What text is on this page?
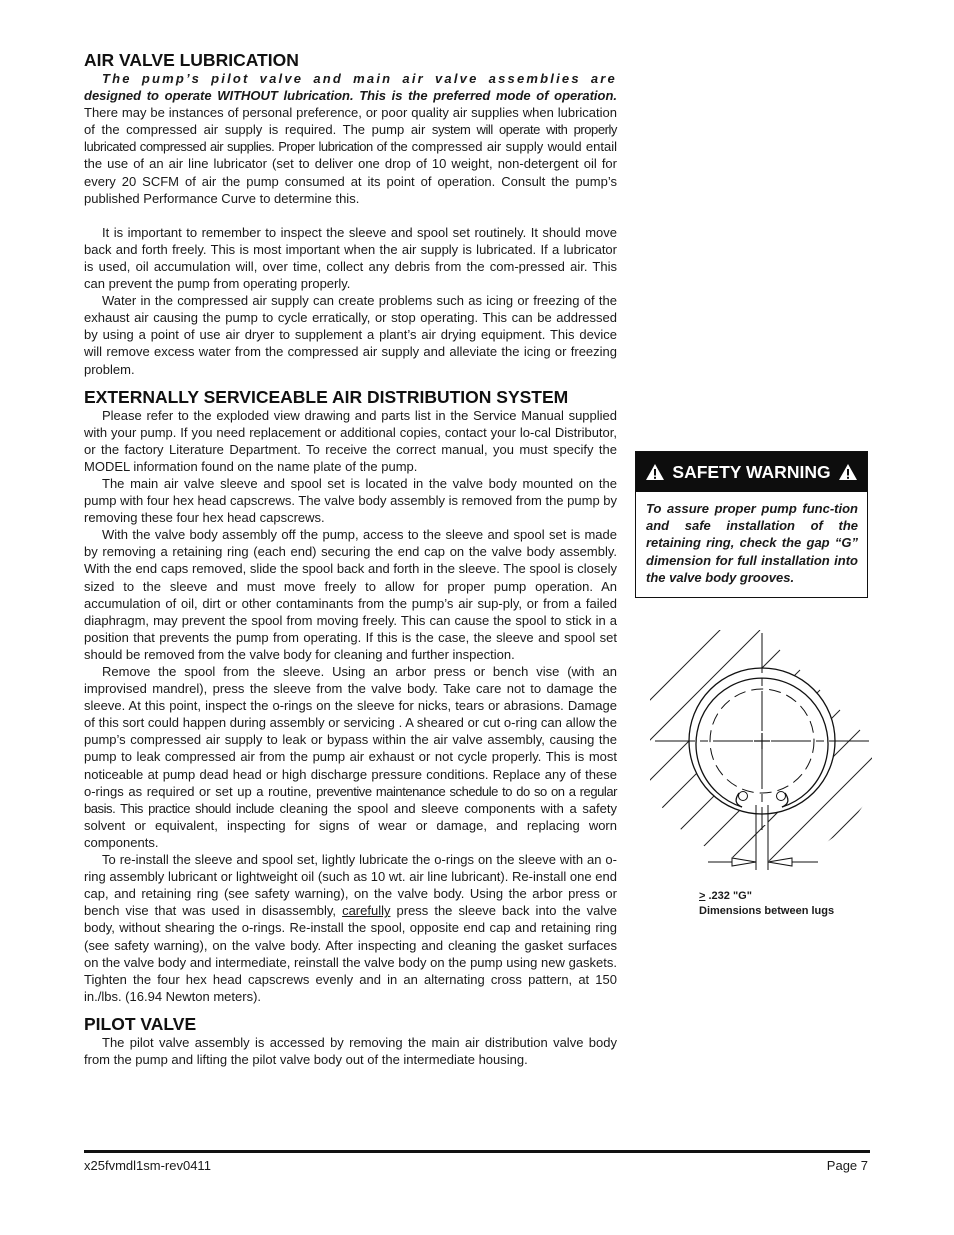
AIR VALVE LUBRICATION

The pump’s pilot valve and main air valve assemblies are designed to operate WITHOUT lubrication. This is the preferred mode of operation. There may be instances of personal preference, or poor quality air supplies when lubrication of the compressed air supply is required. The pump air system will operate with properly lubricated compressed air supplies. Proper lubrication of the compressed air supply would entail the use of an air line lubricator (set to deliver one drop of 10 weight, non-detergent oil for every 20 SCFM of air the pump consumed at its point of operation. Consult the pump’s published Performance Curve to determine this.

It is important to remember to inspect the sleeve and spool set routinely. It should move back and forth freely. This is most important when the air supply is lubricated. If a lubricator is used, oil accumulation will, over time, collect any debris from the com-pressed air. This can prevent the pump from operating properly.

Water in the compressed air supply can create problems such as icing or freezing of the exhaust air causing the pump to cycle erratically, or stop operating. This can be addressed by using a point of use air dryer to supplement a plant’s air drying equipment. This device will remove excess water from the compressed air supply and alleviate the icing or freezing problem.

EXTERNALLY SERVICEABLE AIR DISTRIBUTION SYSTEM

Please refer to the exploded view drawing and parts list in the Service Manual supplied with your pump. If you need replacement or additional copies, contact your lo-cal Distributor, or the factory Literature Department. To receive the correct manual, you must specify the MODEL information found on the name plate of the pump.

The main air valve sleeve and spool set is located in the valve body mounted on the pump with four hex head capscrews. The valve body assembly is removed from the pump by removing these four hex head capscrews.

With the valve body assembly off the pump, access to the sleeve and spool set is made by removing a retaining ring (each end) securing the end cap on the valve body assembly. With the end caps removed, slide the spool back and forth in the sleeve. The spool is closely sized to the sleeve and must move freely to allow for proper pump operation. An accumulation of oil, dirt or other contaminants from the pump’s air sup-ply, or from a failed diaphragm, may prevent the spool from moving freely. This can cause the spool to stick in a position that prevents the pump from operating. If this is the case, the sleeve and spool set should be removed from the valve body for cleaning and further inspection.

Remove the spool from the sleeve. Using an arbor press or bench vise (with an improvised mandrel), press the sleeve from the valve body. Take care not to damage the sleeve. At this point, inspect the o-rings on the sleeve for nicks, tears or abrasions. Damage of this sort could happen during assembly or servicing . A sheared or cut o-ring can allow the pump’s compressed air supply to leak or bypass within the air valve assembly, causing the pump to leak compressed air from the pump air exhaust or not cycle properly. This is most noticeable at pump dead head or high discharge pressure conditions. Replace any of these o-rings as required or set up a routine, preventive maintenance schedule to do so on a regular basis. This practice should include cleaning the spool and sleeve components with a safety solvent or equivalent, inspecting for signs of wear or damage, and replacing worn components.

To re-install the sleeve and spool set, lightly lubricate the o-rings on the sleeve with an o-ring assembly lubricant or lightweight oil (such as 10 wt. air line lubricant). Re-install one end cap, and retaining ring (see safety warning), on the valve body. Using the arbor press or bench vise that was used in disassembly, carefully press the sleeve back into the valve body, without shearing the o-rings. Re-install the spool, opposite end cap and retaining ring (see safety warning), on the valve body. After inspecting and cleaning the gasket surfaces on the valve body and intermediate, reinstall the valve body on the pump using new gaskets. Tighten the four hex head capscrews evenly and in an alternating cross pattern, at 150 in./lbs. (16.94 Newton meters).

PILOT VALVE

The pilot valve assembly is accessed by removing the main air distribution valve body from the pump and lifting the pilot valve body out of the intermediate housing.

SAFETY WARNING
To assure proper pump func-tion and safe installation of the retaining ring, check the gap “G” dimension for full installation into the valve body grooves.
≥ .232 "G"
Dimensions between lugs
x25fvmdl1sm-rev0411	Page 7
